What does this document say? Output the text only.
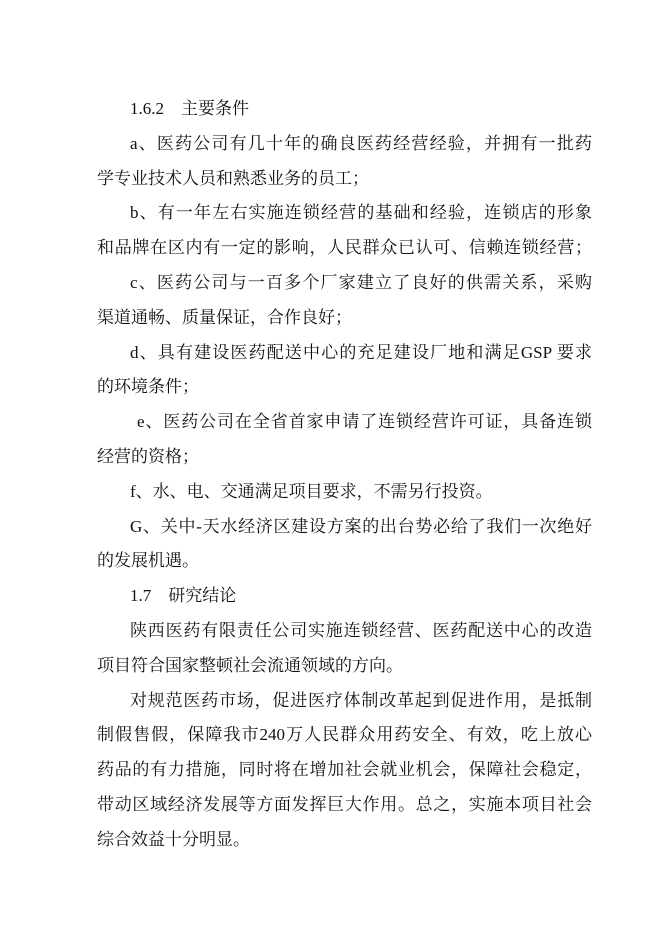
1.6.2　主要条件
a、医药公司有几十年的确良医药经营经验，并拥有一批药
学专业技术人员和熟悉业务的员工；
b、有一年左右实施连锁经营的基础和经验，连锁店的形象
和品牌在区内有一定的影响，人民群众已认可、信赖连锁经营；
c、医药公司与一百多个厂家建立了良好的供需关系，采购
渠道通畅、质量保证，合作良好；
d、具有建设医药配送中心的充足建设厂地和满足GSP 要求
的环境条件；
e、医药公司在全省首家申请了连锁经营许可证，具备连锁
经营的资格；
f、水、电、交通满足项目要求，不需另行投资。
G、关中-天水经济区建设方案的出台势必给了我们一次绝好
的发展机遇。
1.7　研究结论
陕西医药有限责任公司实施连锁经营、医药配送中心的改造
项目符合国家整顿社会流通领域的方向。
对规范医药市场，促进医疗体制改革起到促进作用，是抵制
制假售假，保障我市240万人民群众用药安全、有效，吃上放心
药品的有力措施，同时将在增加社会就业机会，保障社会稳定，
带动区域经济发展等方面发挥巨大作用。总之，实施本项目社会
综合效益十分明显。
